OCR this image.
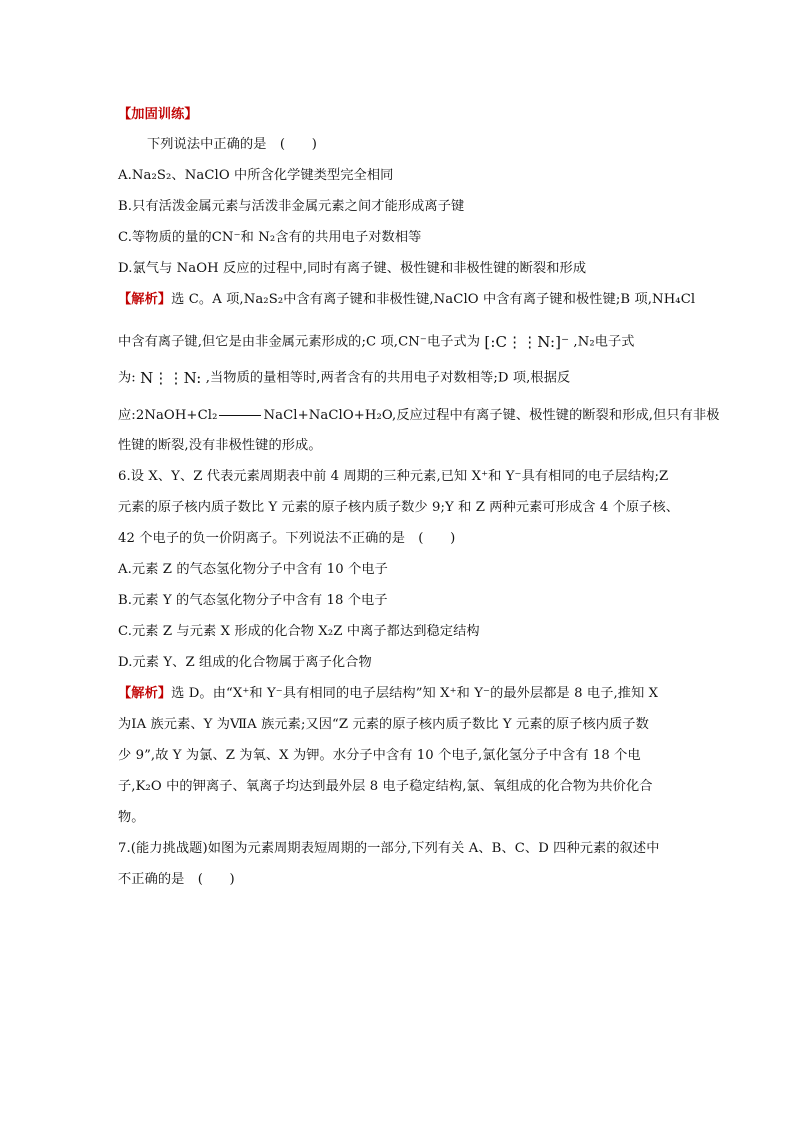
【加固训练】
下列说法中正确的是　(　　)
A.Na₂S₂、NaClO 中所含化学键类型完全相同
B.只有活泼金属元素与活泼非金属元素之间才能形成离子键
C.等物质的量的CN⁻和 N₂含有的共用电子对数相等
D.氯气与 NaOH 反应的过程中,同时有离子键、极性键和非极性键的断裂和形成
【解析】选 C。A 项,Na₂S₂中含有离子键和非极性键,NaClO 中含有离子键和极性键;B 项,NH₄Cl
中含有离子键,但它是由非金属元素形成的;C 项,CN⁻电子式为 [:C⋮⋮N:]⁻ ,N₂电子式
为: N⋮⋮N: ,当物质的量相等时,两者含有的共用电子对数相等;D 项,根据反
应:2NaOH+Cl₂	NaCl+NaClO+H₂O,反应过程中有离子键、极性键的断裂和形成,但只有非极
性键的断裂,没有非极性键的形成。
6.设 X、Y、Z 代表元素周期表中前 4 周期的三种元素,已知 X⁺和 Y⁻具有相同的电子层结构;Z
元素的原子核内质子数比 Y 元素的原子核内质子数少 9;Y 和 Z 两种元素可形成含 4 个原子核、
42 个电子的负一价阴离子。下列说法不正确的是　(　　)
A.元素 Z 的气态氢化物分子中含有 10 个电子
B.元素 Y 的气态氢化物分子中含有 18 个电子
C.元素 Z 与元素 X 形成的化合物 X₂Z 中离子都达到稳定结构
D.元素 Y、Z 组成的化合物属于离子化合物
【解析】选 D。由“X⁺和 Y⁻具有相同的电子层结构”知 X⁺和 Y⁻的最外层都是 8 电子,推知 X
为ⅠA 族元素、Y 为ⅦA 族元素;又因“Z 元素的原子核内质子数比 Y 元素的原子核内质子数
少 9”,故 Y 为氯、Z 为氧、X 为钾。水分子中含有 10 个电子,氯化氢分子中含有 18 个电
子,K₂O 中的钾离子、氧离子均达到最外层 8 电子稳定结构,氯、氧组成的化合物为共价化合
物。
7.(能力挑战题)如图为元素周期表短周期的一部分,下列有关 A、B、C、D 四种元素的叙述中
不正确的是　(　　)
